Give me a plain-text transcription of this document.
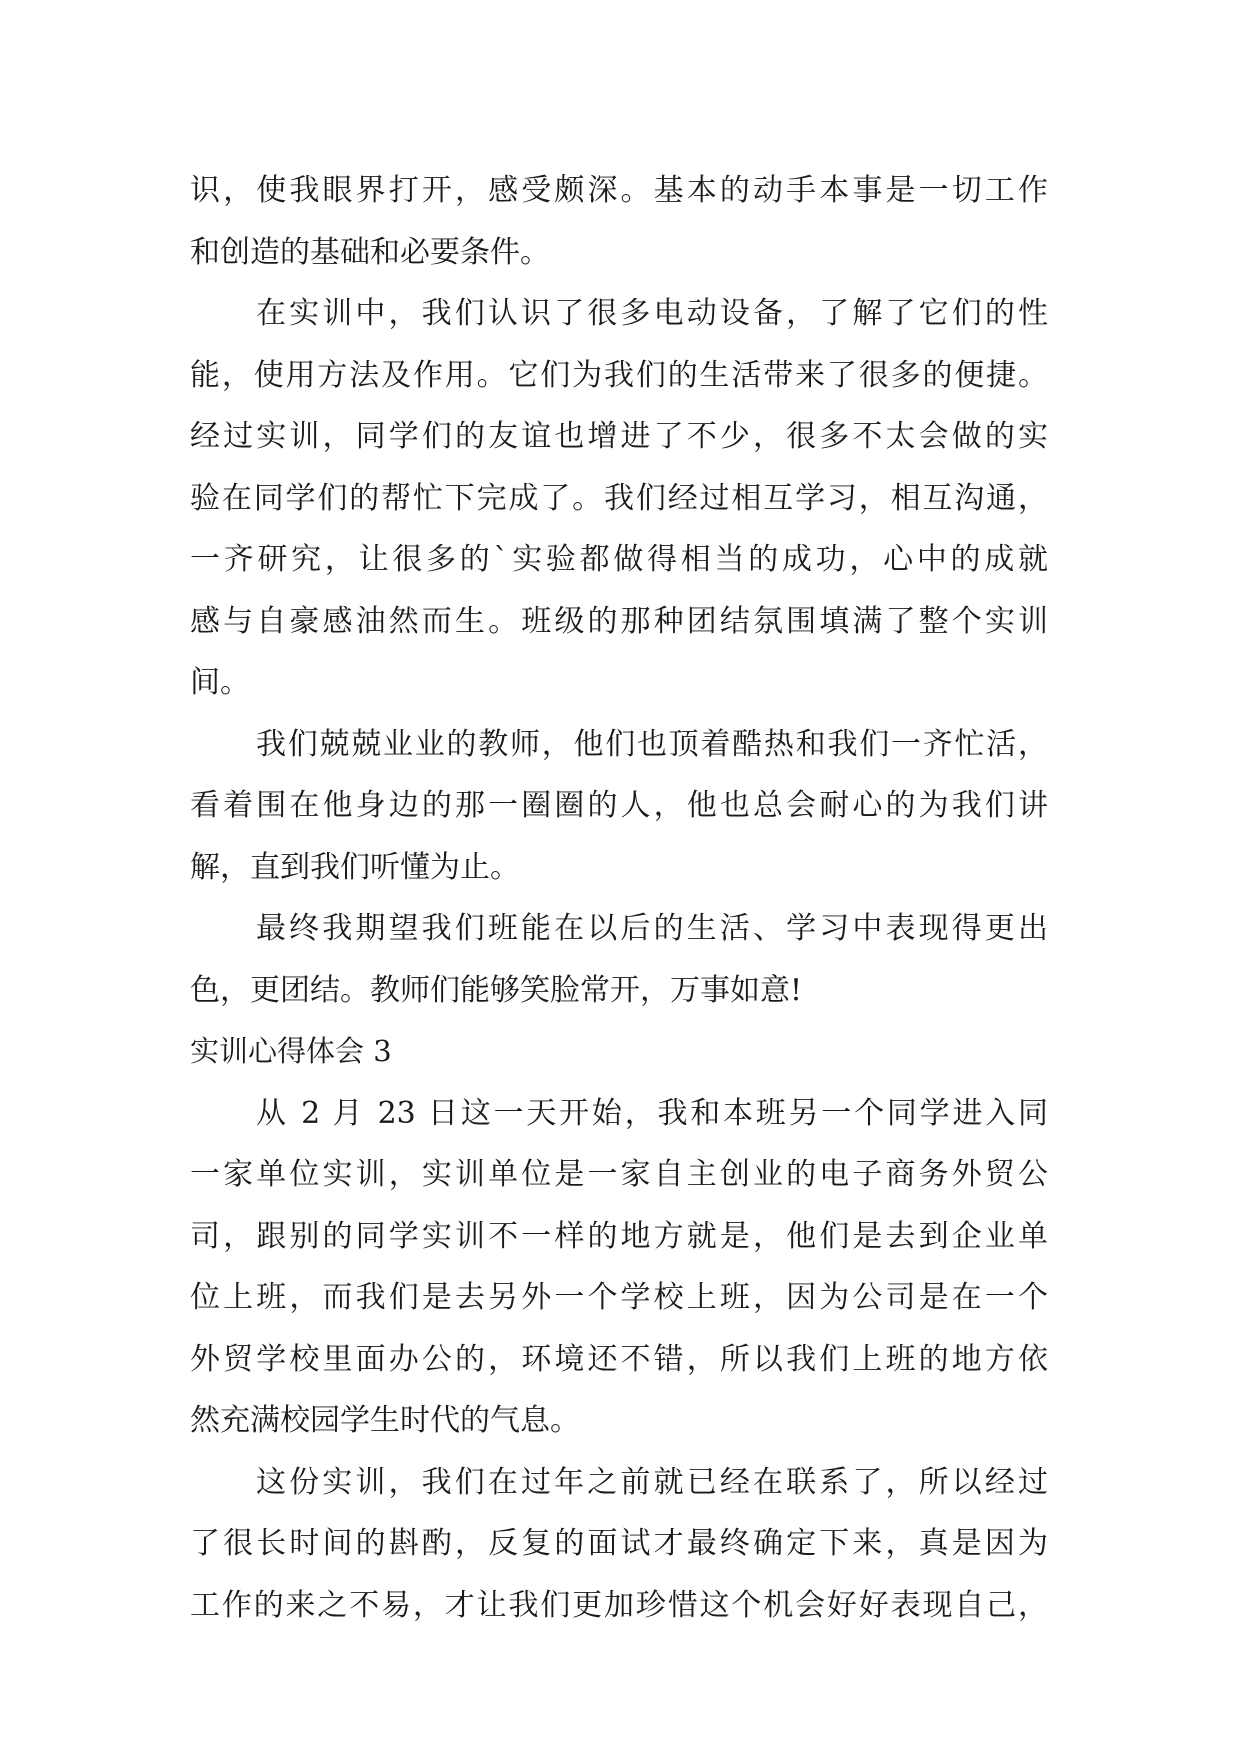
识，使我眼界打开，感受颇深。基本的动手本事是一切工作
和创造的基础和必要条件。
在实训中，我们认识了很多电动设备，了解了它们的性
能，使用方法及作用。它们为我们的生活带来了很多的便捷。
经过实训，同学们的友谊也增进了不少，很多不太会做的实
验在同学们的帮忙下完成了。我们经过相互学习，相互沟通，
一齐研究，让很多的`实验都做得相当的成功，心中的成就
感与自豪感油然而生。班级的那种团结氛围填满了整个实训
间。
我们兢兢业业的教师，他们也顶着酷热和我们一齐忙活，
看着围在他身边的那一圈圈的人，他也总会耐心的为我们讲
解，直到我们听懂为止。
最终我期望我们班能在以后的生活、学习中表现得更出
色，更团结。教师们能够笑脸常开，万事如意!
实训心得体会 3
从 2 月 23 日这一天开始，我和本班另一个同学进入同
一家单位实训，实训单位是一家自主创业的电子商务外贸公
司，跟别的同学实训不一样的地方就是，他们是去到企业单
位上班，而我们是去另外一个学校上班，因为公司是在一个
外贸学校里面办公的，环境还不错，所以我们上班的地方依
然充满校园学生时代的气息。
这份实训，我们在过年之前就已经在联系了，所以经过
了很长时间的斟酌，反复的面试才最终确定下来，真是因为
工作的来之不易，才让我们更加珍惜这个机会好好表现自己，
